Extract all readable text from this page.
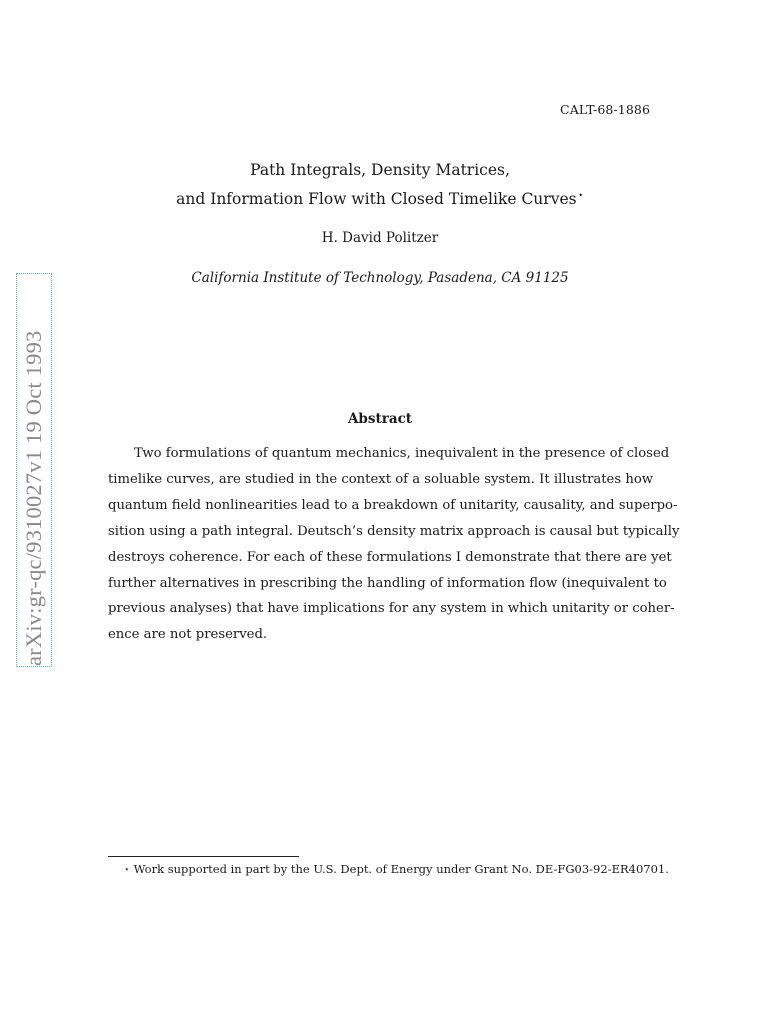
CALT-68-1886
Path Integrals, Density Matrices,
and Information Flow with Closed Timelike Curves⋆
H. David Politzer
California Institute of Technology, Pasadena, CA 91125
Abstract

Two formulations of quantum mechanics, inequivalent in the presence of closed
timelike curves, are studied in the context of a soluable system. It illustrates how
quantum field nonlinearities lead to a breakdown of unitarity, causality, and superpo-
sition using a path integral. Deutsch’s density matrix approach is causal but typically
destroys coherence. For each of these formulations I demonstrate that there are yet
further alternatives in prescribing the handling of information flow (inequivalent to
previous analyses) that have implications for any system in which unitarity or coher-
ence are not preserved.

arXiv:gr-qc/9310027v1 19 Oct 1993
⋆ Work supported in part by the U.S. Dept. of Energy under Grant No. DE-FG03-92-ER40701.
